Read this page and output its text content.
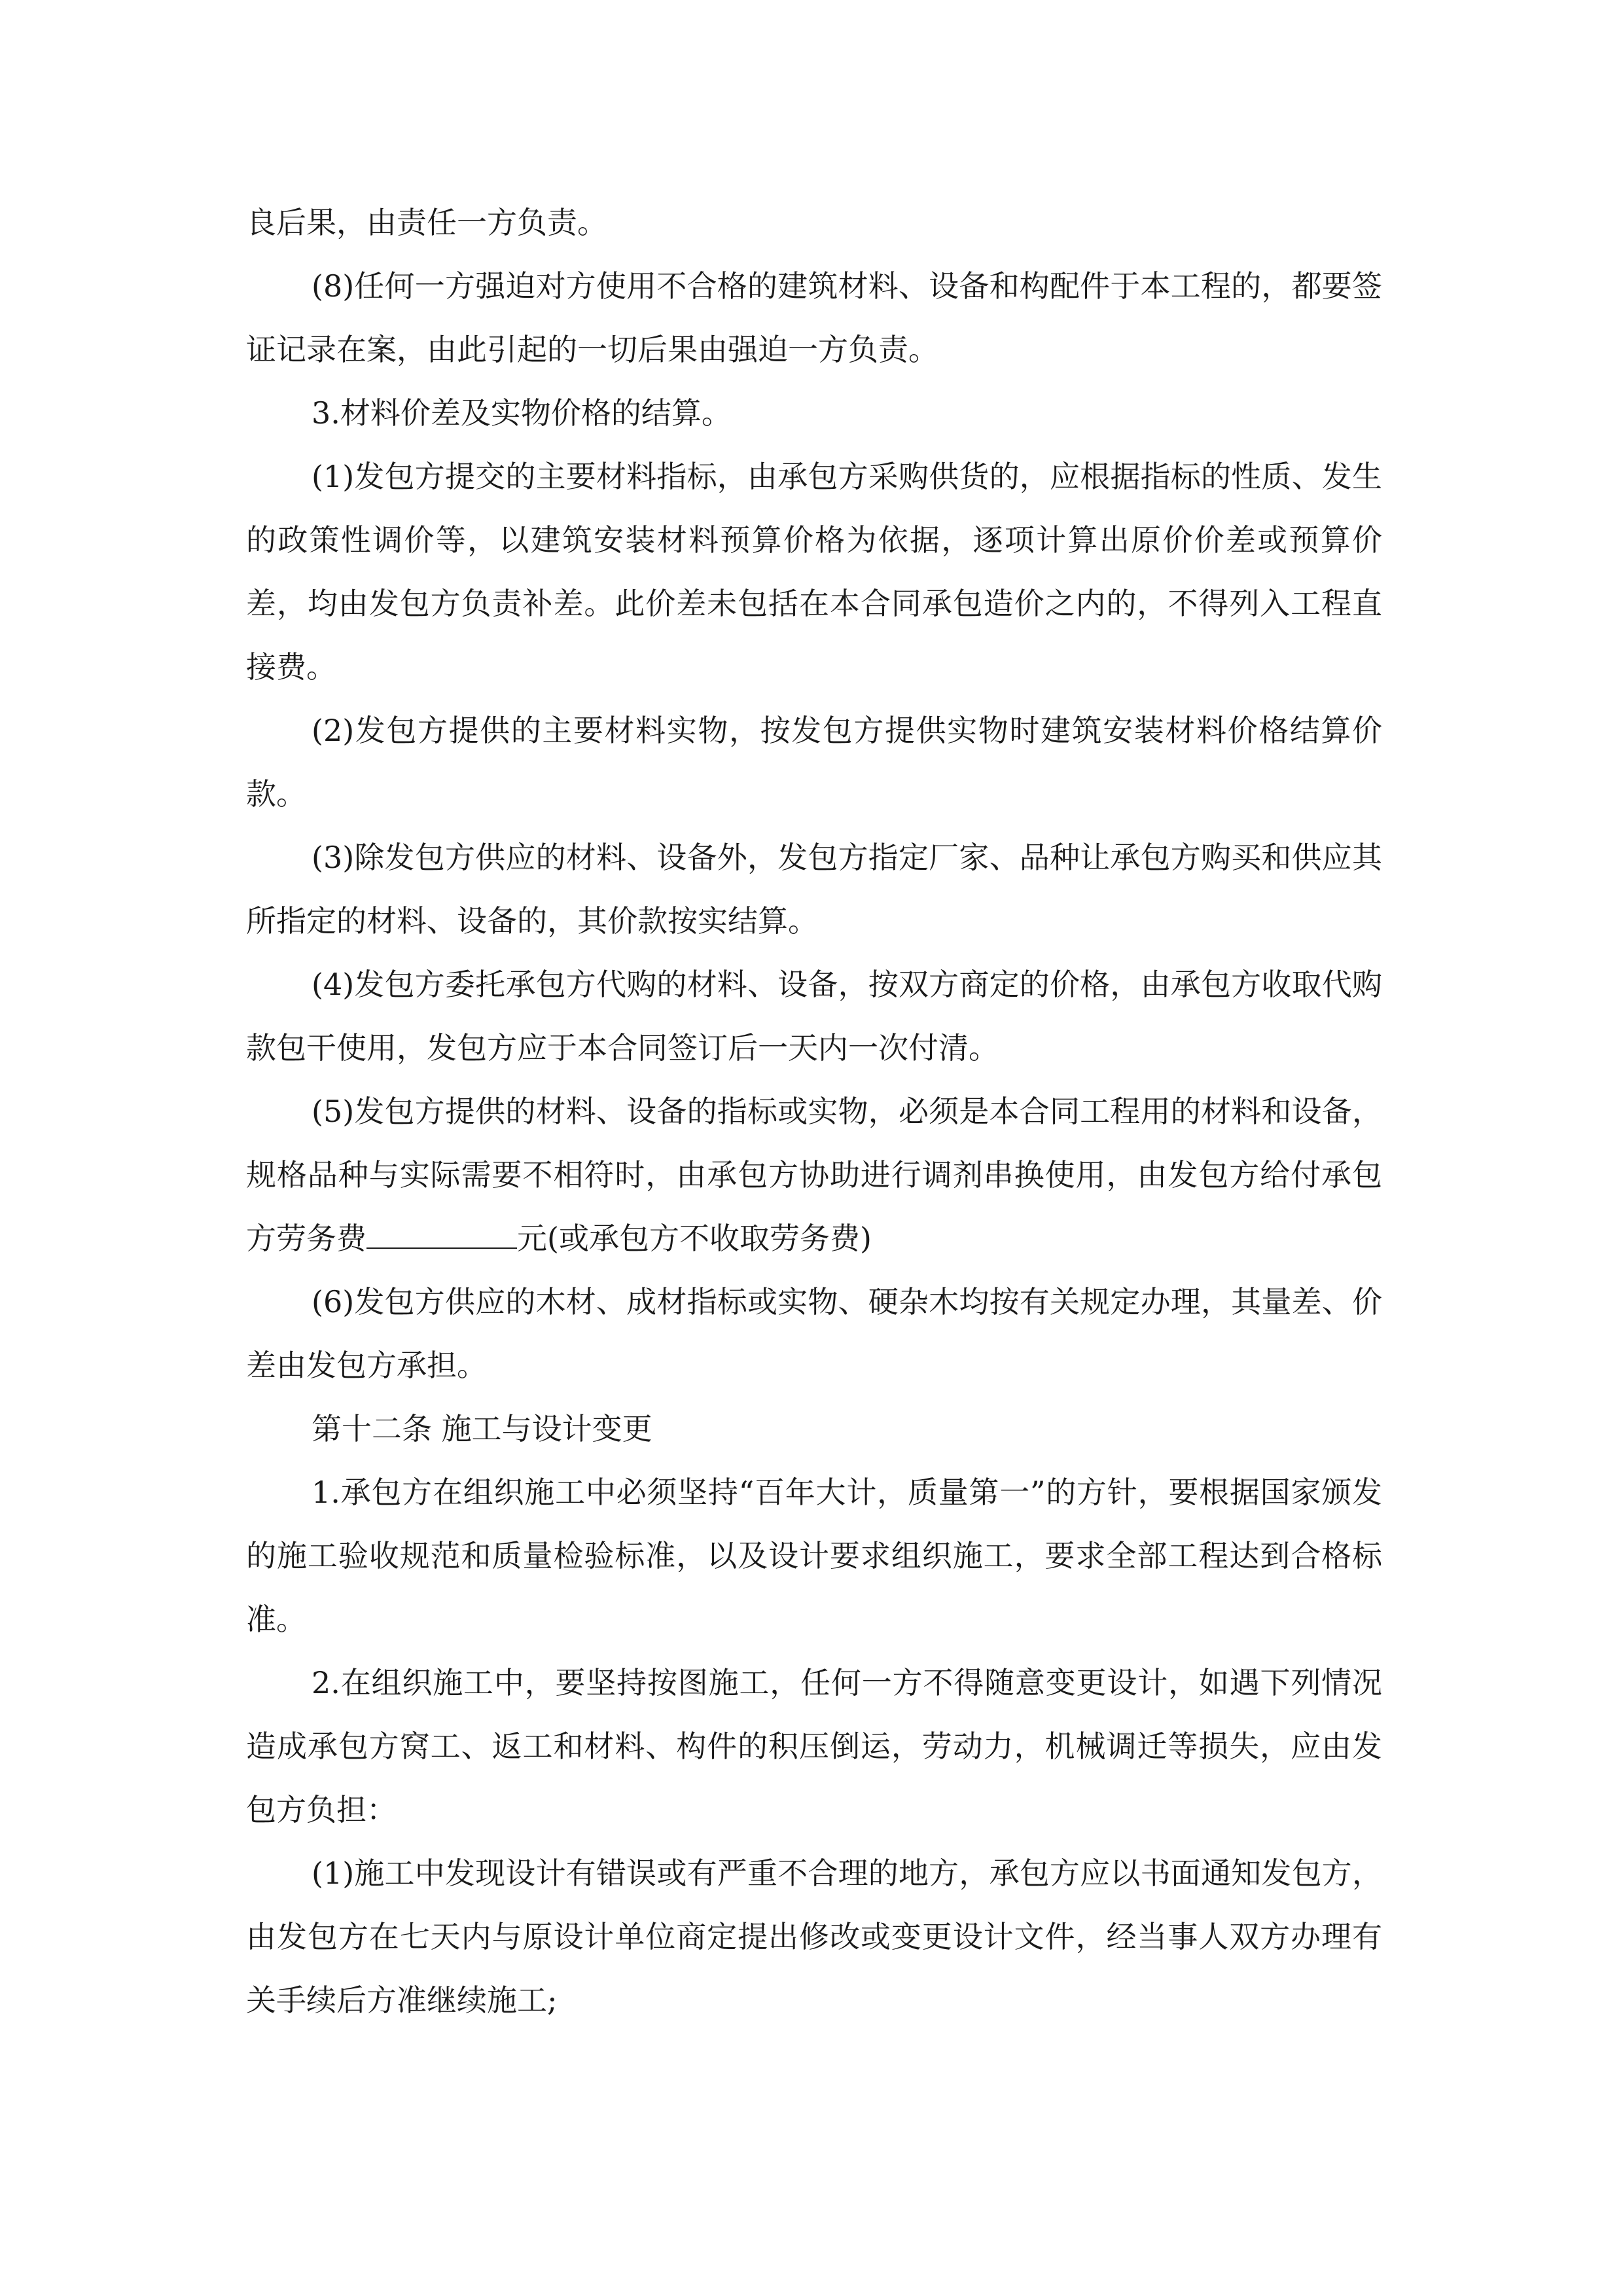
良后果，由责任一方负责。

(8)任何一方强迫对方使用不合格的建筑材料、设备和构配件于本工程的，都要签证记录在案，由此引起的一切后果由强迫一方负责。

3.材料价差及实物价格的结算。

(1)发包方提交的主要材料指标，由承包方采购供货的，应根据指标的性质、发生的政策性调价等，以建筑安装材料预算价格为依据，逐项计算出原价价差或预算价差，均由发包方负责补差。此价差未包括在本合同承包造价之内的，不得列入工程直接费。

(2)发包方提供的主要材料实物，按发包方提供实物时建筑安装材料价格结算价款。

(3)除发包方供应的材料、设备外，发包方指定厂家、品种让承包方购买和供应其所指定的材料、设备的，其价款按实结算。

(4)发包方委托承包方代购的材料、设备，按双方商定的价格，由承包方收取代购款包干使用，发包方应于本合同签订后一天内一次付清。

(5)发包方提供的材料、设备的指标或实物，必须是本合同工程用的材料和设备，规格品种与实际需要不相符时，由承包方协助进行调剂串换使用，由发包方给付承包方劳务费	元(或承包方不收取劳务费)

(6)发包方供应的木材、成材指标或实物、硬杂木均按有关规定办理，其量差、价差由发包方承担。

第十二条 施工与设计变更

1.承包方在组织施工中必须坚持“百年大计，质量第一”的方针，要根据国家颁发的施工验收规范和质量检验标准，以及设计要求组织施工，要求全部工程达到合格标准。

2.在组织施工中，要坚持按图施工，任何一方不得随意变更设计，如遇下列情况造成承包方窝工、返工和材料、构件的积压倒运，劳动力，机械调迁等损失，应由发包方负担：

(1)施工中发现设计有错误或有严重不合理的地方，承包方应以书面通知发包方，由发包方在七天内与原设计单位商定提出修改或变更设计文件，经当事人双方办理有关手续后方准继续施工;
